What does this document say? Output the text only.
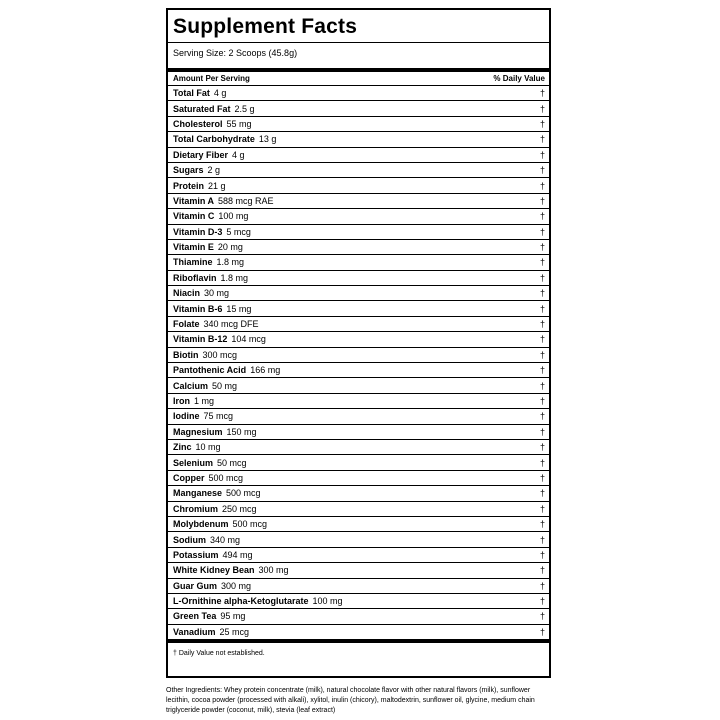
Supplement Facts
Serving Size: 2 Scoops (45.8g)
Amount Per Serving	% Daily Value
Total Fat 4 g	†
Saturated Fat 2.5 g	†
Cholesterol 55 mg	†
Total Carbohydrate 13 g	†
Dietary Fiber 4 g	†
Sugars 2 g	†
Protein 21 g	†
Vitamin A 588 mcg RAE	†
Vitamin C 100 mg	†
Vitamin D-3 5 mcg	†
Vitamin E 20 mg	†
Thiamine 1.8 mg	†
Riboflavin 1.8 mg	†
Niacin 30 mg	†
Vitamin B-6 15 mg	†
Folate 340 mcg DFE	†
Vitamin B-12 104 mcg	†
Biotin 300 mcg	†
Pantothenic Acid 166 mg	†
Calcium 50 mg	†
Iron 1 mg	†
Iodine 75 mcg	†
Magnesium 150 mg	†
Zinc 10 mg	†
Selenium 50 mcg	†
Copper 500 mcg	†
Manganese 500 mcg	†
Chromium 250 mcg	†
Molybdenum 500 mcg	†
Sodium 340 mg	†
Potassium 494 mg	†
White Kidney Bean 300 mg	†
Guar Gum 300 mg	†
L-Ornithine alpha-Ketoglutarate 100 mg	†
Green Tea 95 mg	†
Vanadium 25 mcg	†
† Daily Value not established.
Other Ingredients: Whey protein concentrate (milk), natural chocolate flavor with other natural flavors (milk), sunflower lecithin, cocoa powder (processed with alkali), xylitol, inulin (chicory), maltodextrin, sunflower oil, glycine, medium chain triglyceride powder (coconut, milk), stevia (leaf extract)
